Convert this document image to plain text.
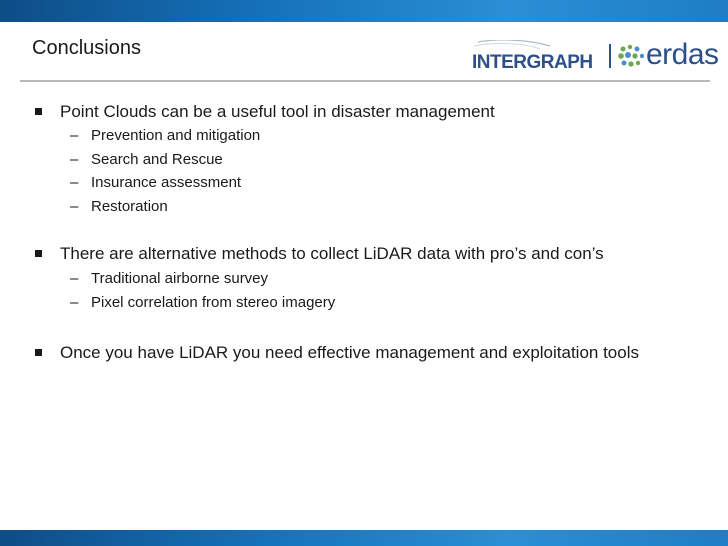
Conclusions
INTERGRAPH erdas
Point Clouds can be a useful tool in disaster management
– Prevention and mitigation
– Search and Rescue
– Insurance assessment
– Restoration
There are alternative methods to collect LiDAR data with pro’s and con’s
– Traditional airborne survey
– Pixel correlation from stereo imagery
Once you have LiDAR you need effective management and exploitation tools
